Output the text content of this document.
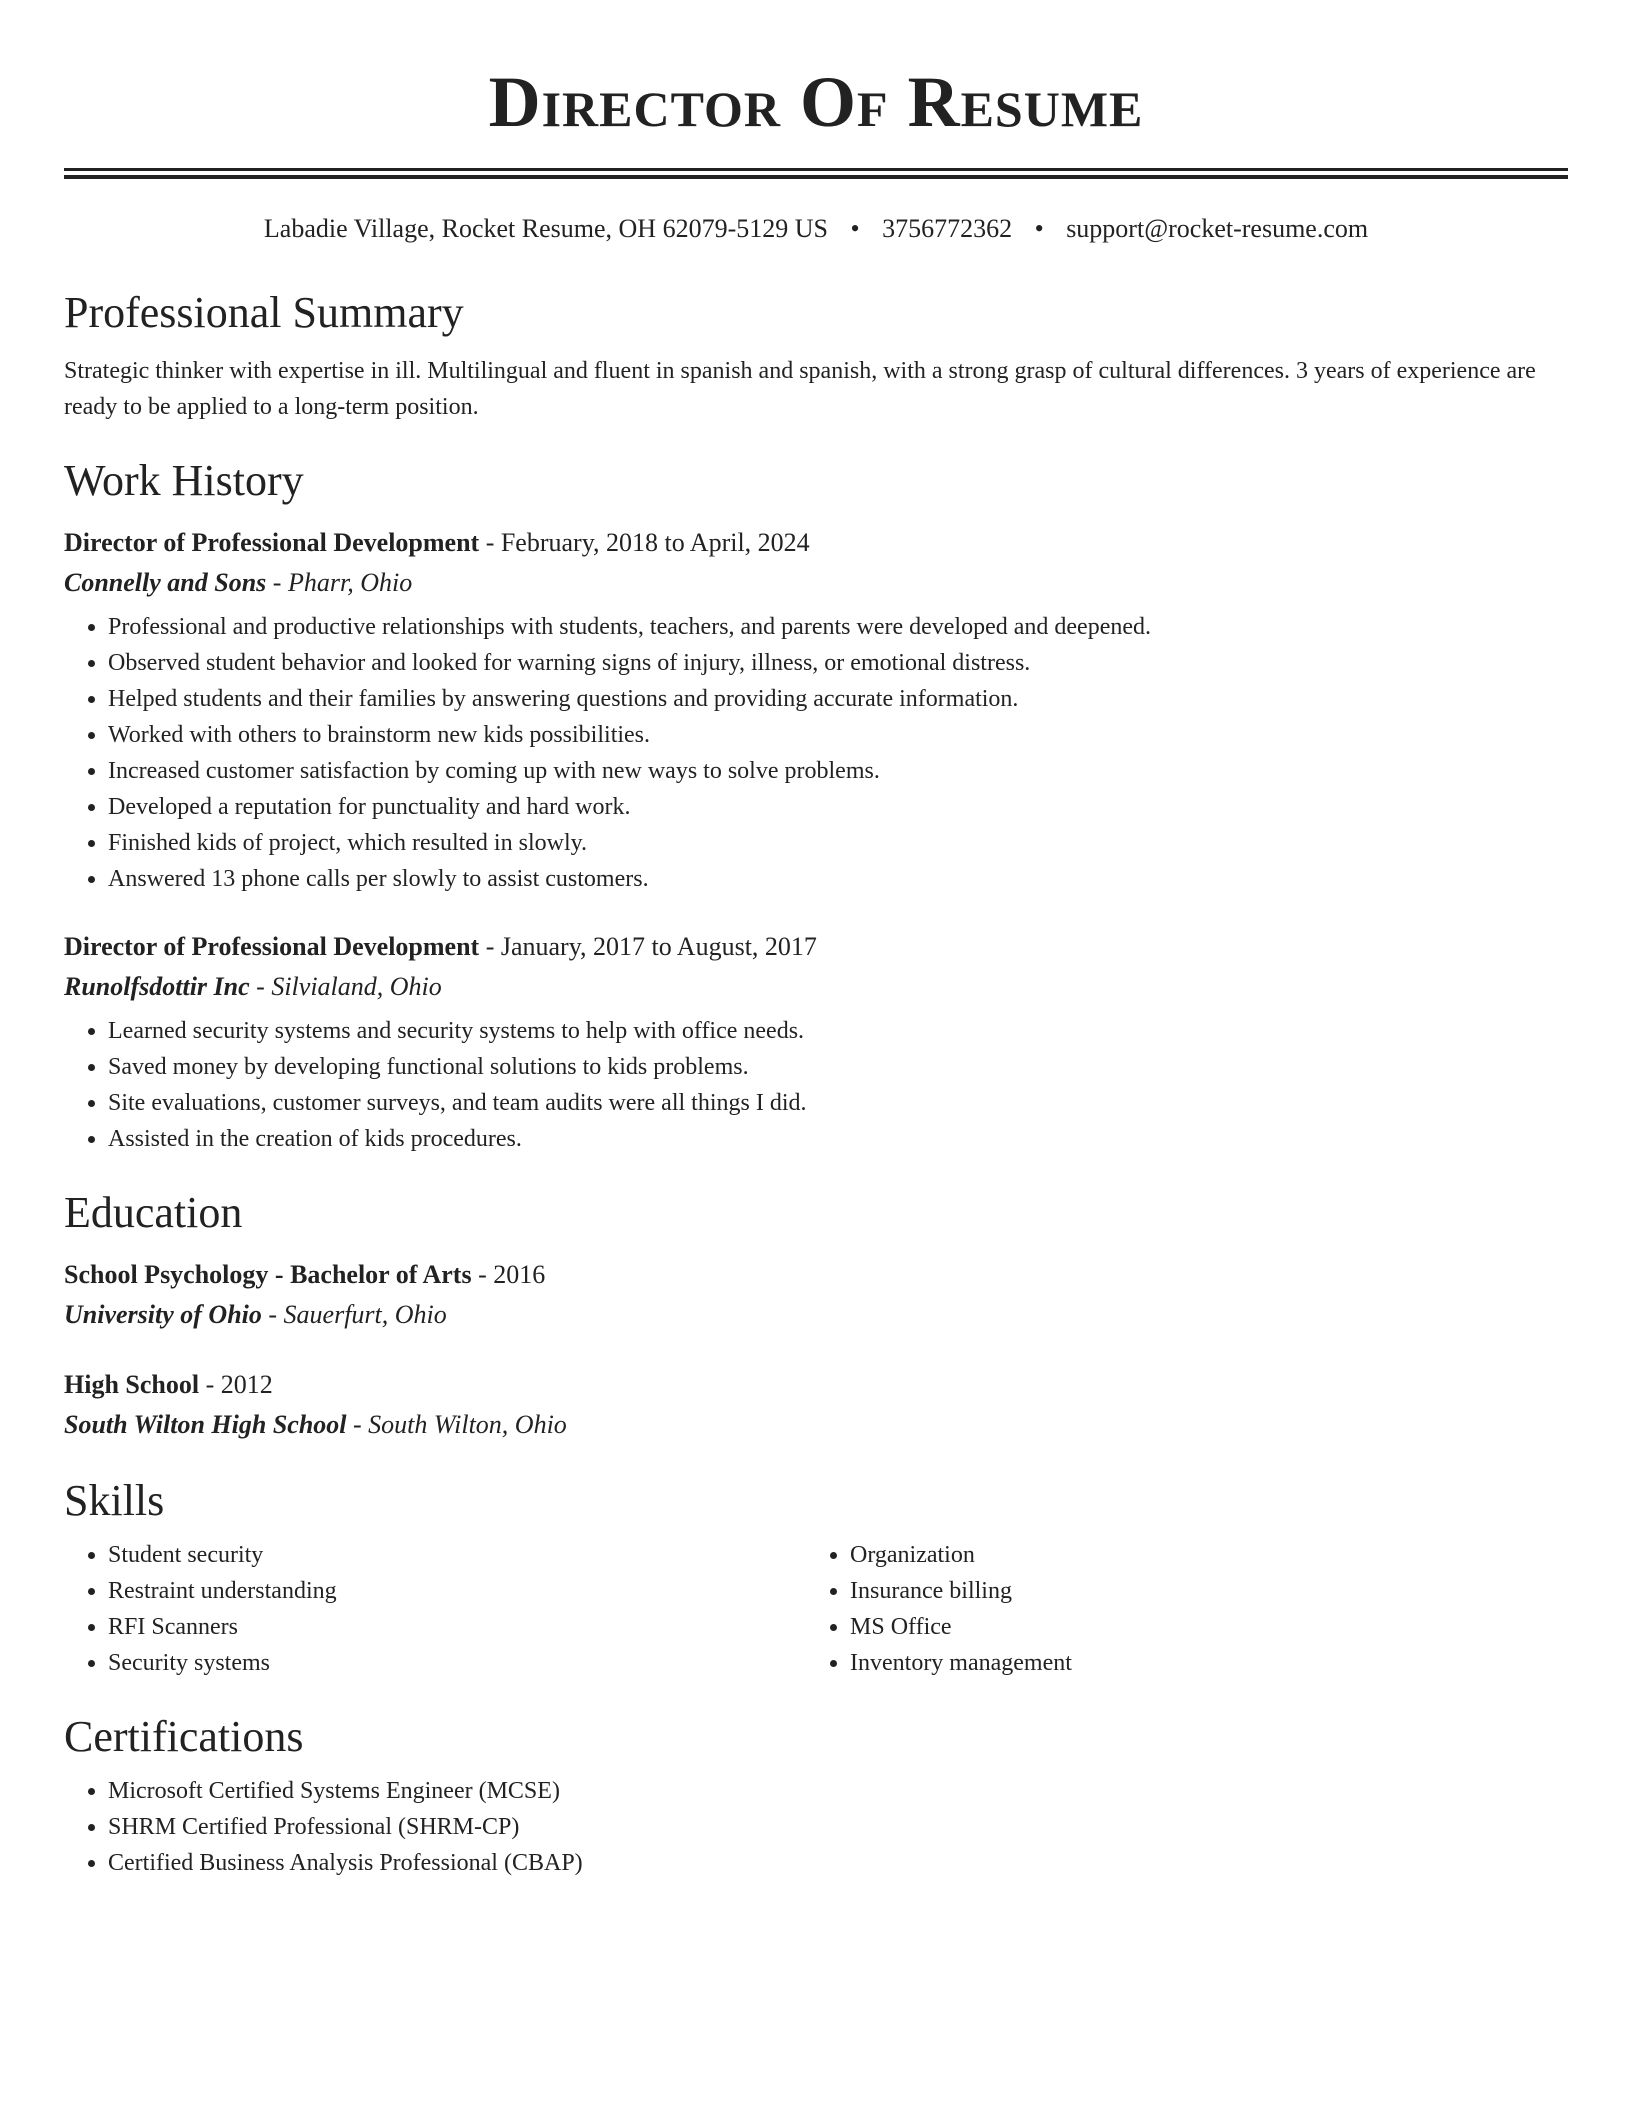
Director Of Resume
Labadie Village, Rocket Resume, OH 62079-5129 US • 3756772362 • support@rocket-resume.com
Professional Summary

Strategic thinker with expertise in ill. Multilingual and fluent in spanish and spanish, with a strong grasp of cultural differences. 3 years of experience are ready to be applied to a long-term position.

Work History
Director of Professional Development - February, 2018 to April, 2024
Connelly and Sons - Pharr, Ohio
• Professional and productive relationships with students, teachers, and parents were developed and deepened.
• Observed student behavior and looked for warning signs of injury, illness, or emotional distress.
• Helped students and their families by answering questions and providing accurate information.
• Worked with others to brainstorm new kids possibilities.
• Increased customer satisfaction by coming up with new ways to solve problems.
• Developed a reputation for punctuality and hard work.
• Finished kids of project, which resulted in slowly.
• Answered 13 phone calls per slowly to assist customers.
Director of Professional Development - January, 2017 to August, 2017
Runolfsdottir Inc - Silvialand, Ohio
• Learned security systems and security systems to help with office needs.
• Saved money by developing functional solutions to kids problems.
• Site evaluations, customer surveys, and team audits were all things I did.
• Assisted in the creation of kids procedures.
Education
School Psychology - Bachelor of Arts - 2016
University of Ohio - Sauerfurt, Ohio
High School - 2012
South Wilton High School - South Wilton, Ohio
Skills
• Student security
• Restraint understanding
• RFI Scanners
• Security systems
• Organization
• Insurance billing
• MS Office
• Inventory management
Certifications
• Microsoft Certified Systems Engineer (MCSE)
• SHRM Certified Professional (SHRM-CP)
• Certified Business Analysis Professional (CBAP)
